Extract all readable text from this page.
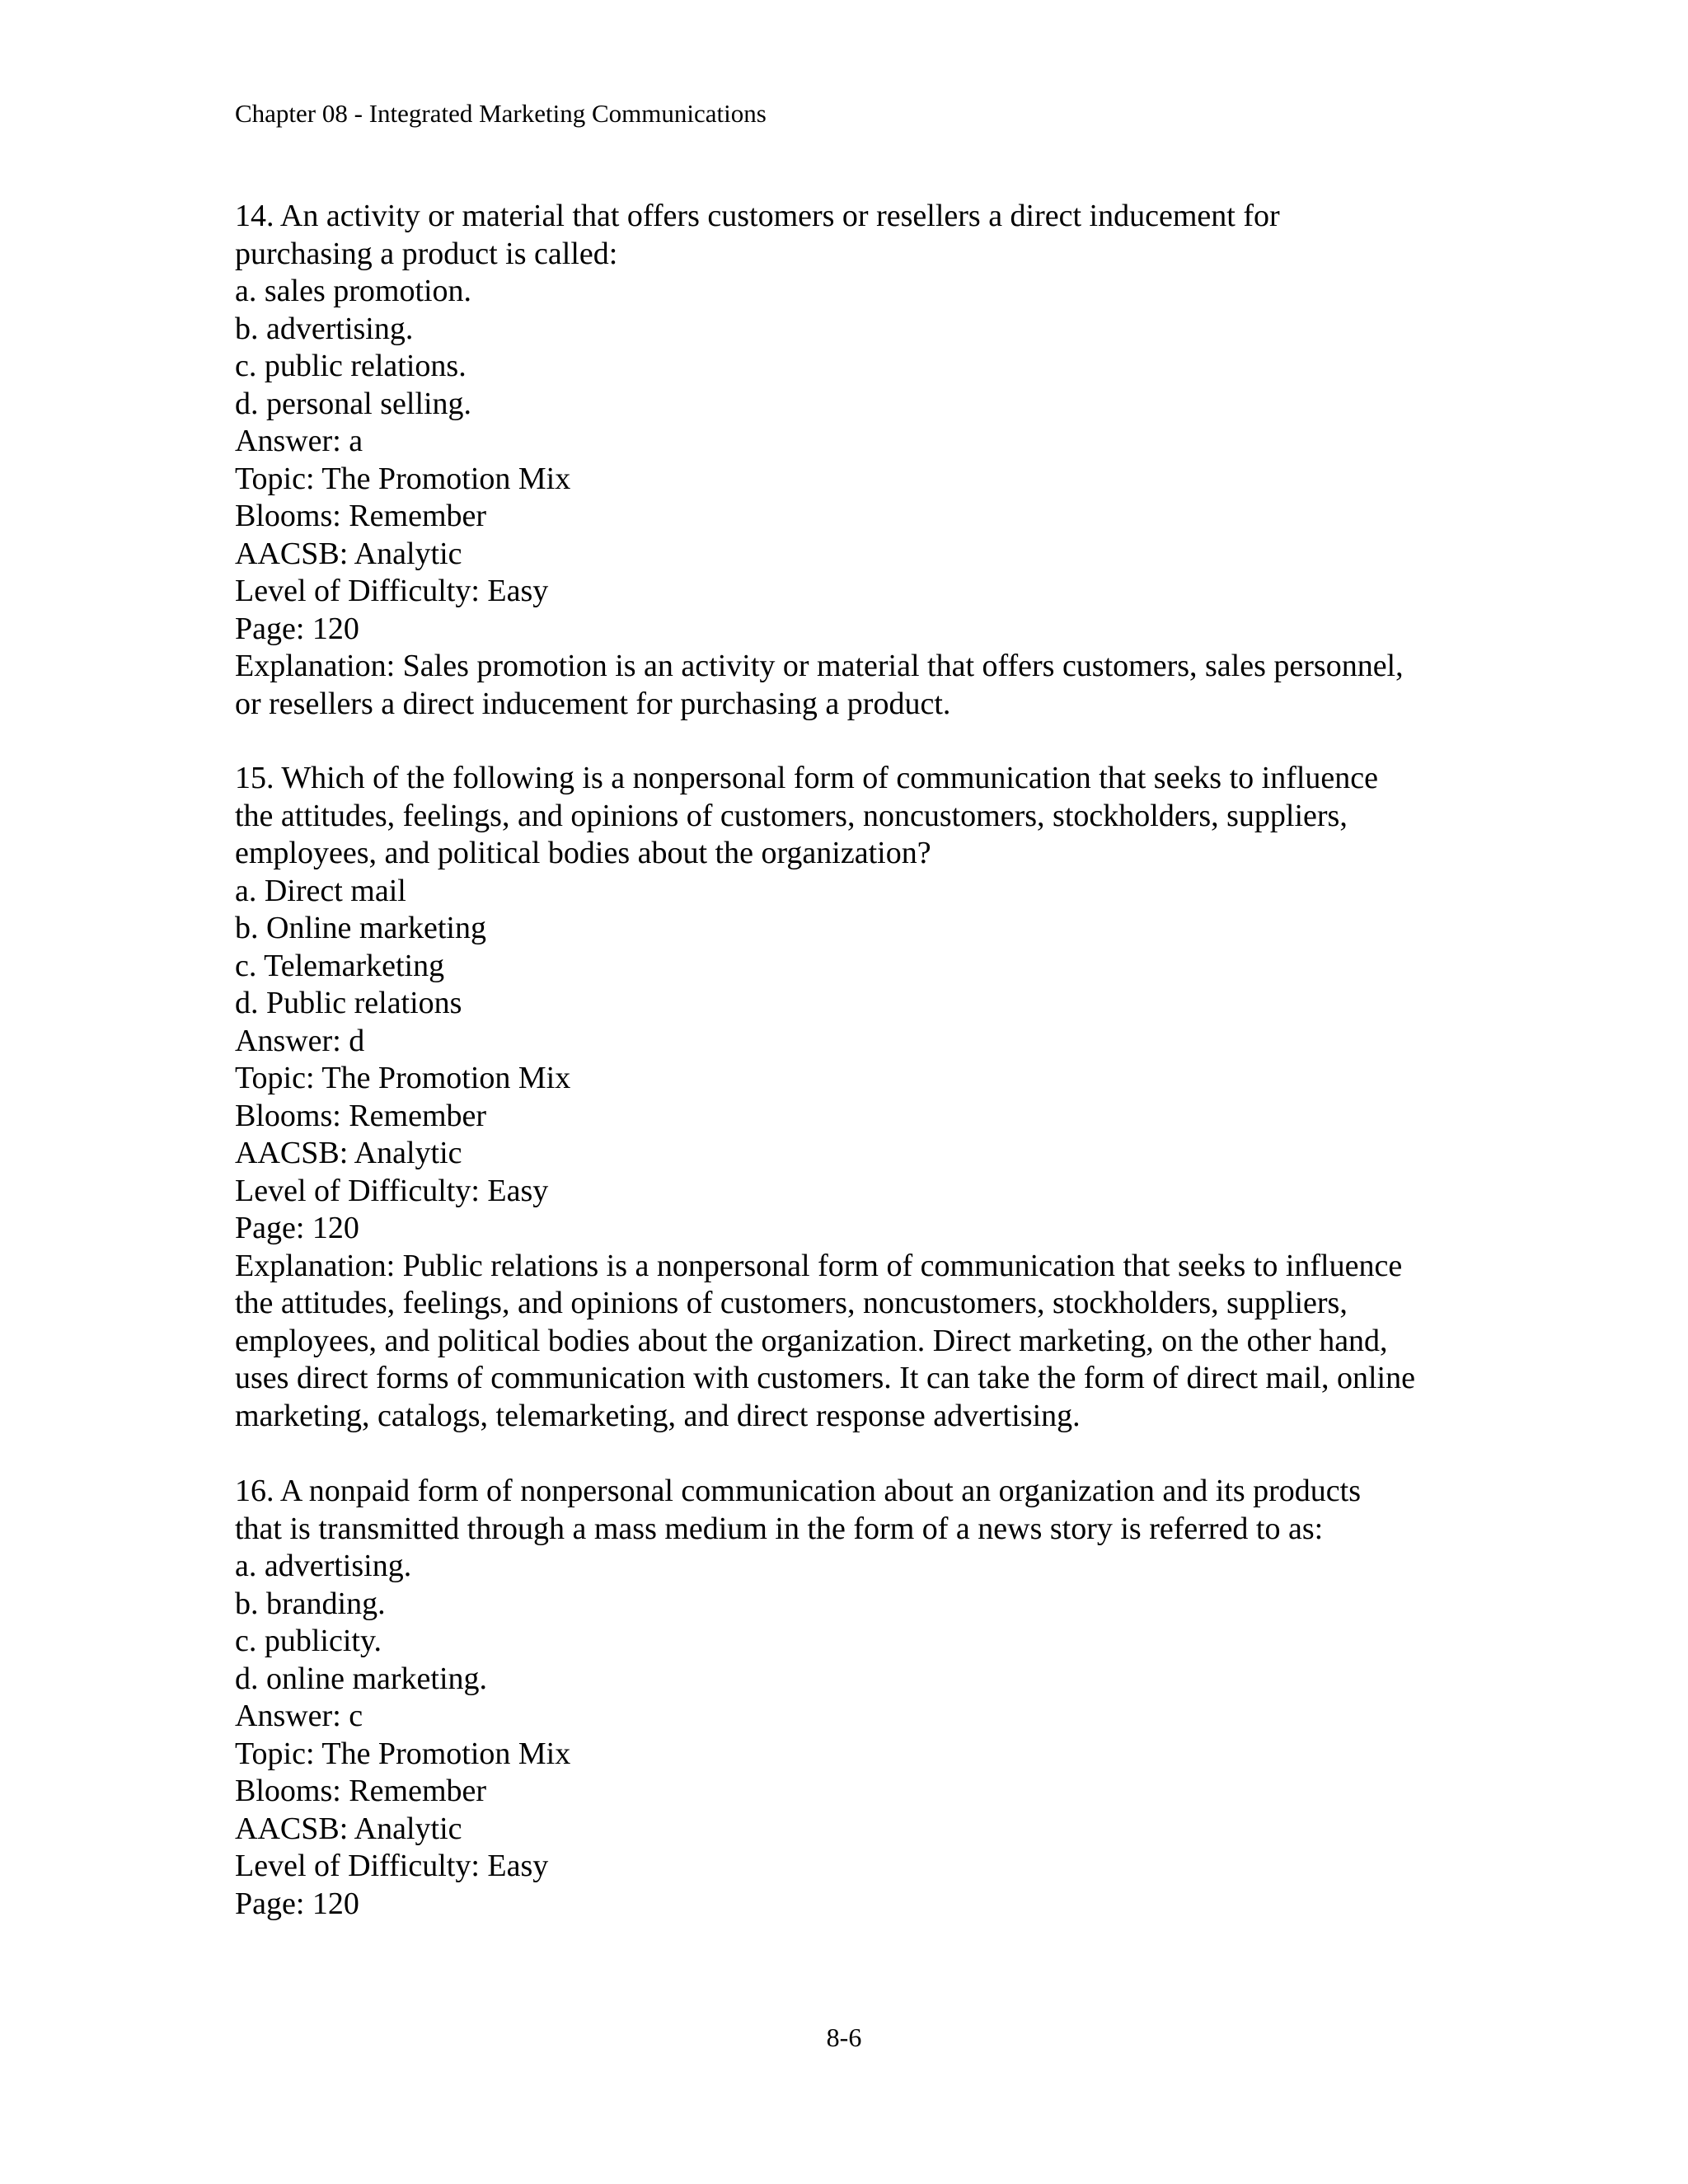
Chapter 08 - Integrated Marketing Communications
14. An activity or material that offers customers or resellers a direct inducement for
purchasing a product is called:
a. sales promotion.
b. advertising.
c. public relations.
d. personal selling.
Answer: a
Topic: The Promotion Mix
Blooms: Remember
AACSB: Analytic
Level of Difficulty: Easy
Page: 120
Explanation: Sales promotion is an activity or material that offers customers, sales personnel,
or resellers a direct inducement for purchasing a product.
15. Which of the following is a nonpersonal form of communication that seeks to influence
the attitudes, feelings, and opinions of customers, noncustomers, stockholders, suppliers,
employees, and political bodies about the organization?
a. Direct mail
b. Online marketing
c. Telemarketing
d. Public relations
Answer: d
Topic: The Promotion Mix
Blooms: Remember
AACSB: Analytic
Level of Difficulty: Easy
Page: 120
Explanation: Public relations is a nonpersonal form of communication that seeks to influence
the attitudes, feelings, and opinions of customers, noncustomers, stockholders, suppliers,
employees, and political bodies about the organization. Direct marketing, on the other hand,
uses direct forms of communication with customers. It can take the form of direct mail, online
marketing, catalogs, telemarketing, and direct response advertising.
16. A nonpaid form of nonpersonal communication about an organization and its products
that is transmitted through a mass medium in the form of a news story is referred to as:
a. advertising.
b. branding.
c. publicity.
d. online marketing.
Answer: c
Topic: The Promotion Mix
Blooms: Remember
AACSB: Analytic
Level of Difficulty: Easy
Page: 120
8-6
